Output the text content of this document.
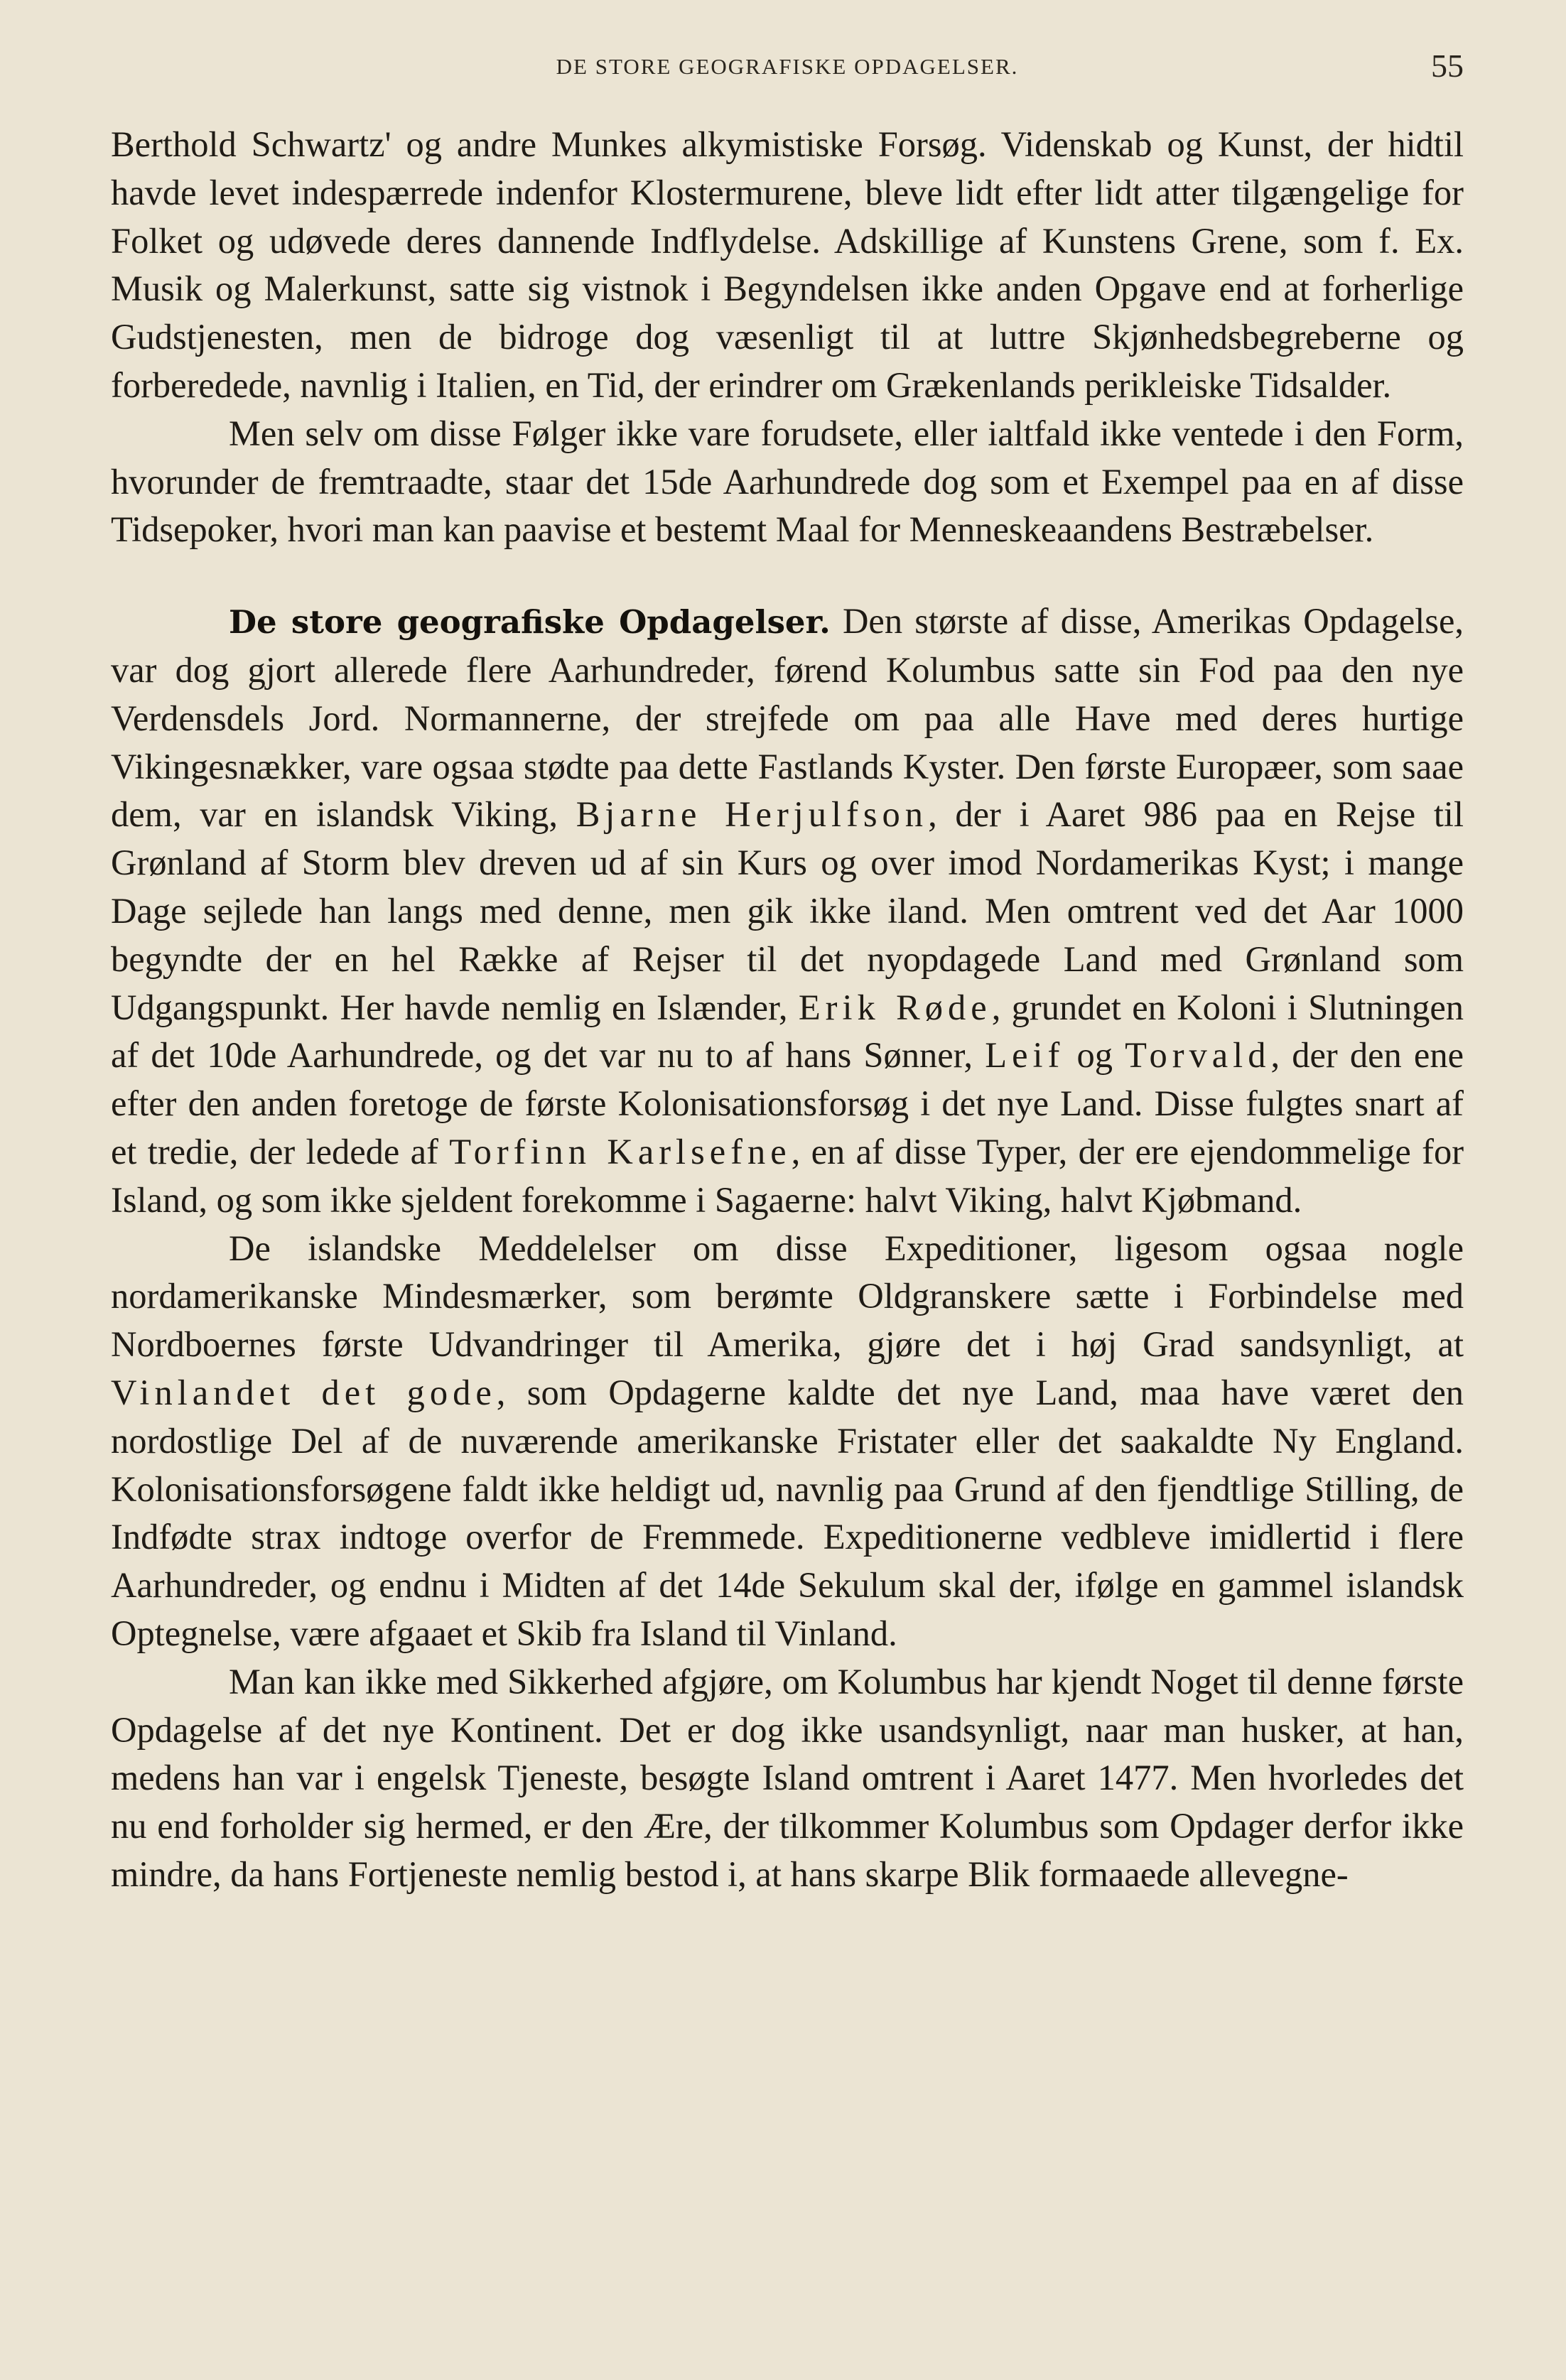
DE STORE GEOGRAFISKE OPDAGELSER.	55

Berthold Schwartz' og andre Munkes alkymistiske Forsøg. Videnskab og Kunst, der hidtil havde levet indespærrede indenfor Klostermurene, bleve lidt efter lidt atter tilgængelige for Folket og udøvede deres dannende Indflydelse. Adskillige af Kunstens Grene, som f. Ex. Musik og Malerkunst, satte sig vistnok i Begyndelsen ikke anden Opgave end at forherlige Gudstjenesten, men de bidroge dog væsenligt til at luttre Skjønhedsbegreberne og forberedede, navnlig i Italien, en Tid, der erindrer om Grækenlands perikleiske Tidsalder.

Men selv om disse Følger ikke vare forudsete, eller ialtfald ikke ventede i den Form, hvorunder de fremtraadte, staar det 15de Aarhundrede dog som et Exempel paa en af disse Tidsepoker, hvori man kan paavise et bestemt Maal for Menneskeaandens Bestræbelser.

De store geografiske Opdagelser. Den største af disse, Amerikas Opdagelse, var dog gjort allerede flere Aarhundreder, førend Kolumbus satte sin Fod paa den nye Verdensdels Jord. Normannerne, der strejfede om paa alle Have med deres hurtige Vikingesnækker, vare ogsaa stødte paa dette Fastlands Kyster. Den første Europæer, som saae dem, var en islandsk Viking, Bjarne Herjulfson, der i Aaret 986 paa en Rejse til Grønland af Storm blev dreven ud af sin Kurs og over imod Nordamerikas Kyst; i mange Dage sejlede han langs med denne, men gik ikke iland. Men omtrent ved det Aar 1000 begyndte der en hel Række af Rejser til det nyopdagede Land med Grønland som Udgangspunkt. Her havde nemlig en Islænder, Erik Røde, grundet en Koloni i Slutningen af det 10de Aarhundrede, og det var nu to af hans Sønner, Leif og Torvald, der den ene efter den anden foretoge de første Kolonisationsforsøg i det nye Land. Disse fulgtes snart af et tredie, der ledede af Torfinn Karlsefne, en af disse Typer, der ere ejendommelige for Island, og som ikke sjeldent forekomme i Sagaerne: halvt Viking, halvt Kjøbmand.

De islandske Meddelelser om disse Expeditioner, ligesom ogsaa nogle nordamerikanske Mindesmærker, som berømte Oldgranskere sætte i Forbindelse med Nordboernes første Udvandringer til Amerika, gjøre det i høj Grad sandsynligt, at Vinlandet det gode, som Opdagerne kaldte det nye Land, maa have været den nordostlige Del af de nuværende amerikanske Fristater eller det saakaldte Ny England. Kolonisationsforsøgene faldt ikke heldigt ud, navnlig paa Grund af den fjendtlige Stilling, de Indfødte strax indtoge overfor de Fremmede. Expeditionerne vedbleve imidlertid i flere Aarhundreder, og endnu i Midten af det 14de Sekulum skal der, ifølge en gammel islandsk Optegnelse, være afgaaet et Skib fra Island til Vinland.

Man kan ikke med Sikkerhed afgjøre, om Kolumbus har kjendt Noget til denne første Opdagelse af det nye Kontinent. Det er dog ikke usandsynligt, naar man husker, at han, medens han var i engelsk Tjeneste, besøgte Island omtrent i Aaret 1477. Men hvorledes det nu end forholder sig hermed, er den Ære, der tilkommer Kolumbus som Opdager derfor ikke mindre, da hans Fortjeneste nemlig bestod i, at hans skarpe Blik formaaede allevegne-
